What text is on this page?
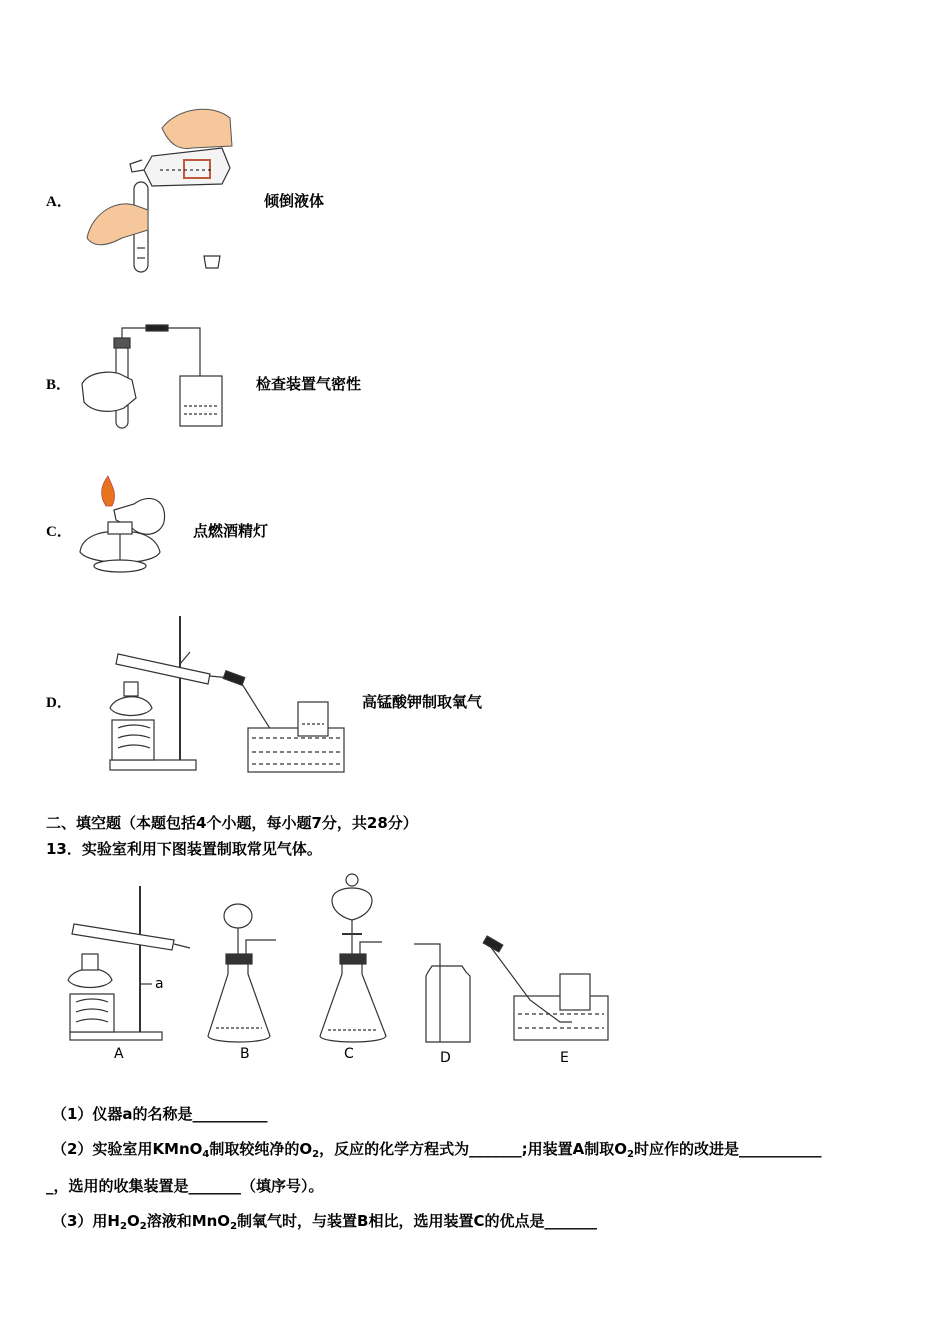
A．	倾倒液体
B．	检查装置气密性
C．	点燃酒精灯
D．	高锰酸钾制取氧气
二、填空题（本题包括4个小题，每小题7分，共28分）
13．实验室利用下图装置制取常见气体。
a
A	B	C	D	E
（1）仪器a的名称是__________
（2）实验室用KMnO$_4$制取较纯净的$O_2$，反应的化学方程式为_______;用装置A制取$O_2$时应作的改进是___________
_，选用的收集装置是_______（填序号）。
（3）用$H_2O_2$溶液和MnO$_2$制氧气时，与装置B相比，选用装置C的优点是_______
